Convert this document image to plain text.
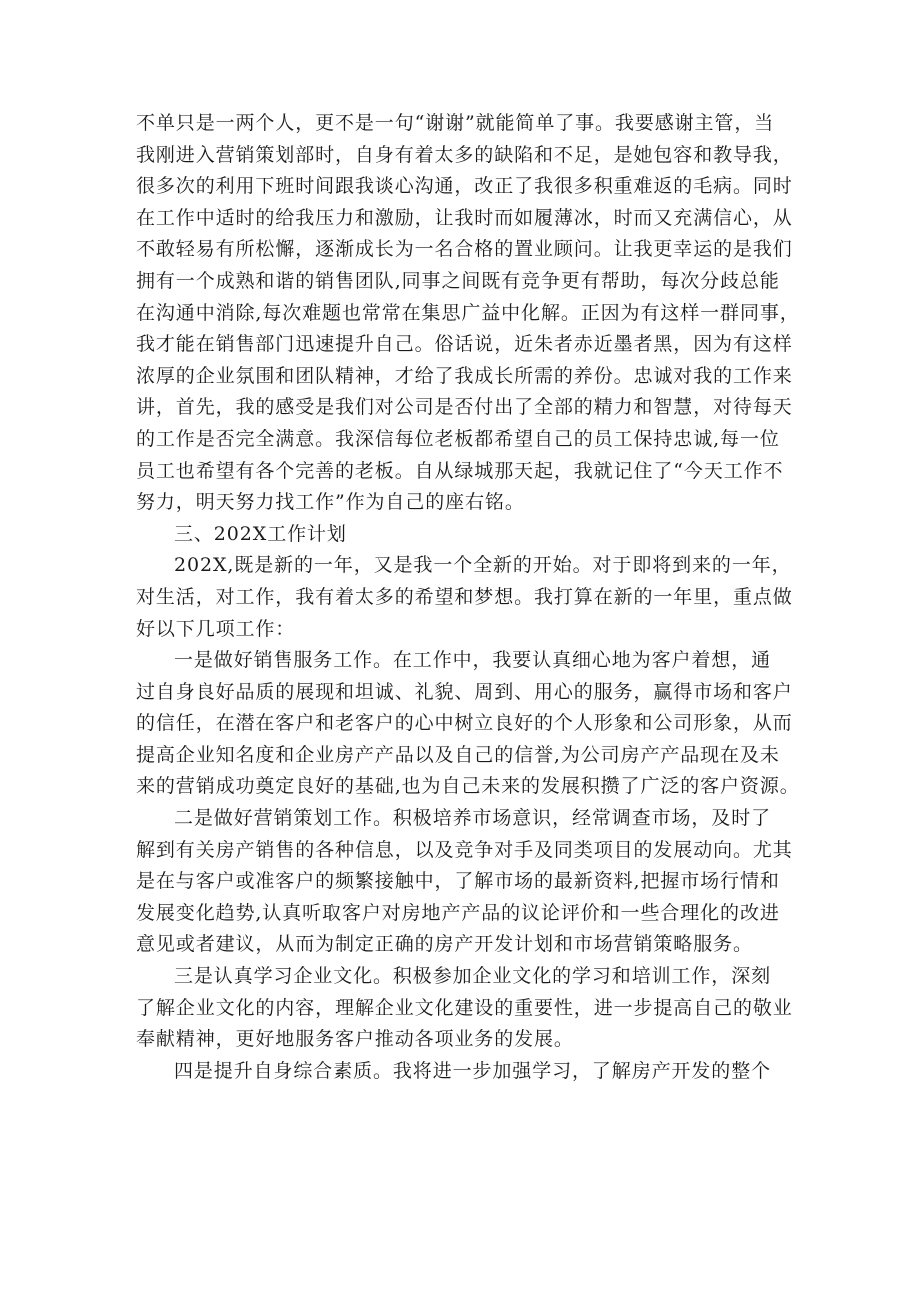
不单只是一两个人，更不是一句“谢谢”就能简单了事。我要感谢主管，当
我刚进入营销策划部时，自身有着太多的缺陷和不足，是她包容和教导我，
很多次的利用下班时间跟我谈心沟通，改正了我很多积重难返的毛病。同时
在工作中适时的给我压力和激励，让我时而如履薄冰，时而又充满信心，从
不敢轻易有所松懈，逐渐成长为一名合格的置业顾问。让我更幸运的是我们
拥有一个成熟和谐的销售团队,同事之间既有竞争更有帮助，每次分歧总能
在沟通中消除,每次难题也常常在集思广益中化解。正因为有这样一群同事，
我才能在销售部门迅速提升自己。俗话说，近朱者赤近墨者黑，因为有这样
浓厚的企业氛围和团队精神，才给了我成长所需的养份。忠诚对我的工作来
讲，首先，我的感受是我们对公司是否付出了全部的精力和智慧，对待每天
的工作是否完全满意。我深信每位老板都希望自己的员工保持忠诚,每一位
员工也希望有各个完善的老板。自从绿城那天起，我就记住了“今天工作不
努力，明天努力找工作”作为自己的座右铭。
三、202X工作计划
202X,既是新的一年，又是我一个全新的开始。对于即将到来的一年，
对生活，对工作，我有着太多的希望和梦想。我打算在新的一年里，重点做
好以下几项工作：
一是做好销售服务工作。在工作中，我要认真细心地为客户着想，通
过自身良好品质的展现和坦诚、礼貌、周到、用心的服务，赢得市场和客户
的信任，在潜在客户和老客户的心中树立良好的个人形象和公司形象，从而
提高企业知名度和企业房产产品以及自己的信誉,为公司房产产品现在及未
来的营销成功奠定良好的基础,也为自己未来的发展积攒了广泛的客户资源。
二是做好营销策划工作。积极培养市场意识，经常调查市场，及时了
解到有关房产销售的各种信息，以及竞争对手及同类项目的发展动向。尤其
是在与客户或准客户的频繁接触中，了解市场的最新资料,把握市场行情和
发展变化趋势,认真听取客户对房地产产品的议论评价和一些合理化的改进
意见或者建议，从而为制定正确的房产开发计划和市场营销策略服务。
三是认真学习企业文化。积极参加企业文化的学习和培训工作，深刻
了解企业文化的内容，理解企业文化建设的重要性，进一步提高自己的敬业
奉献精神，更好地服务客户推动各项业务的发展。
四是提升自身综合素质。我将进一步加强学习，了解房产开发的整个
